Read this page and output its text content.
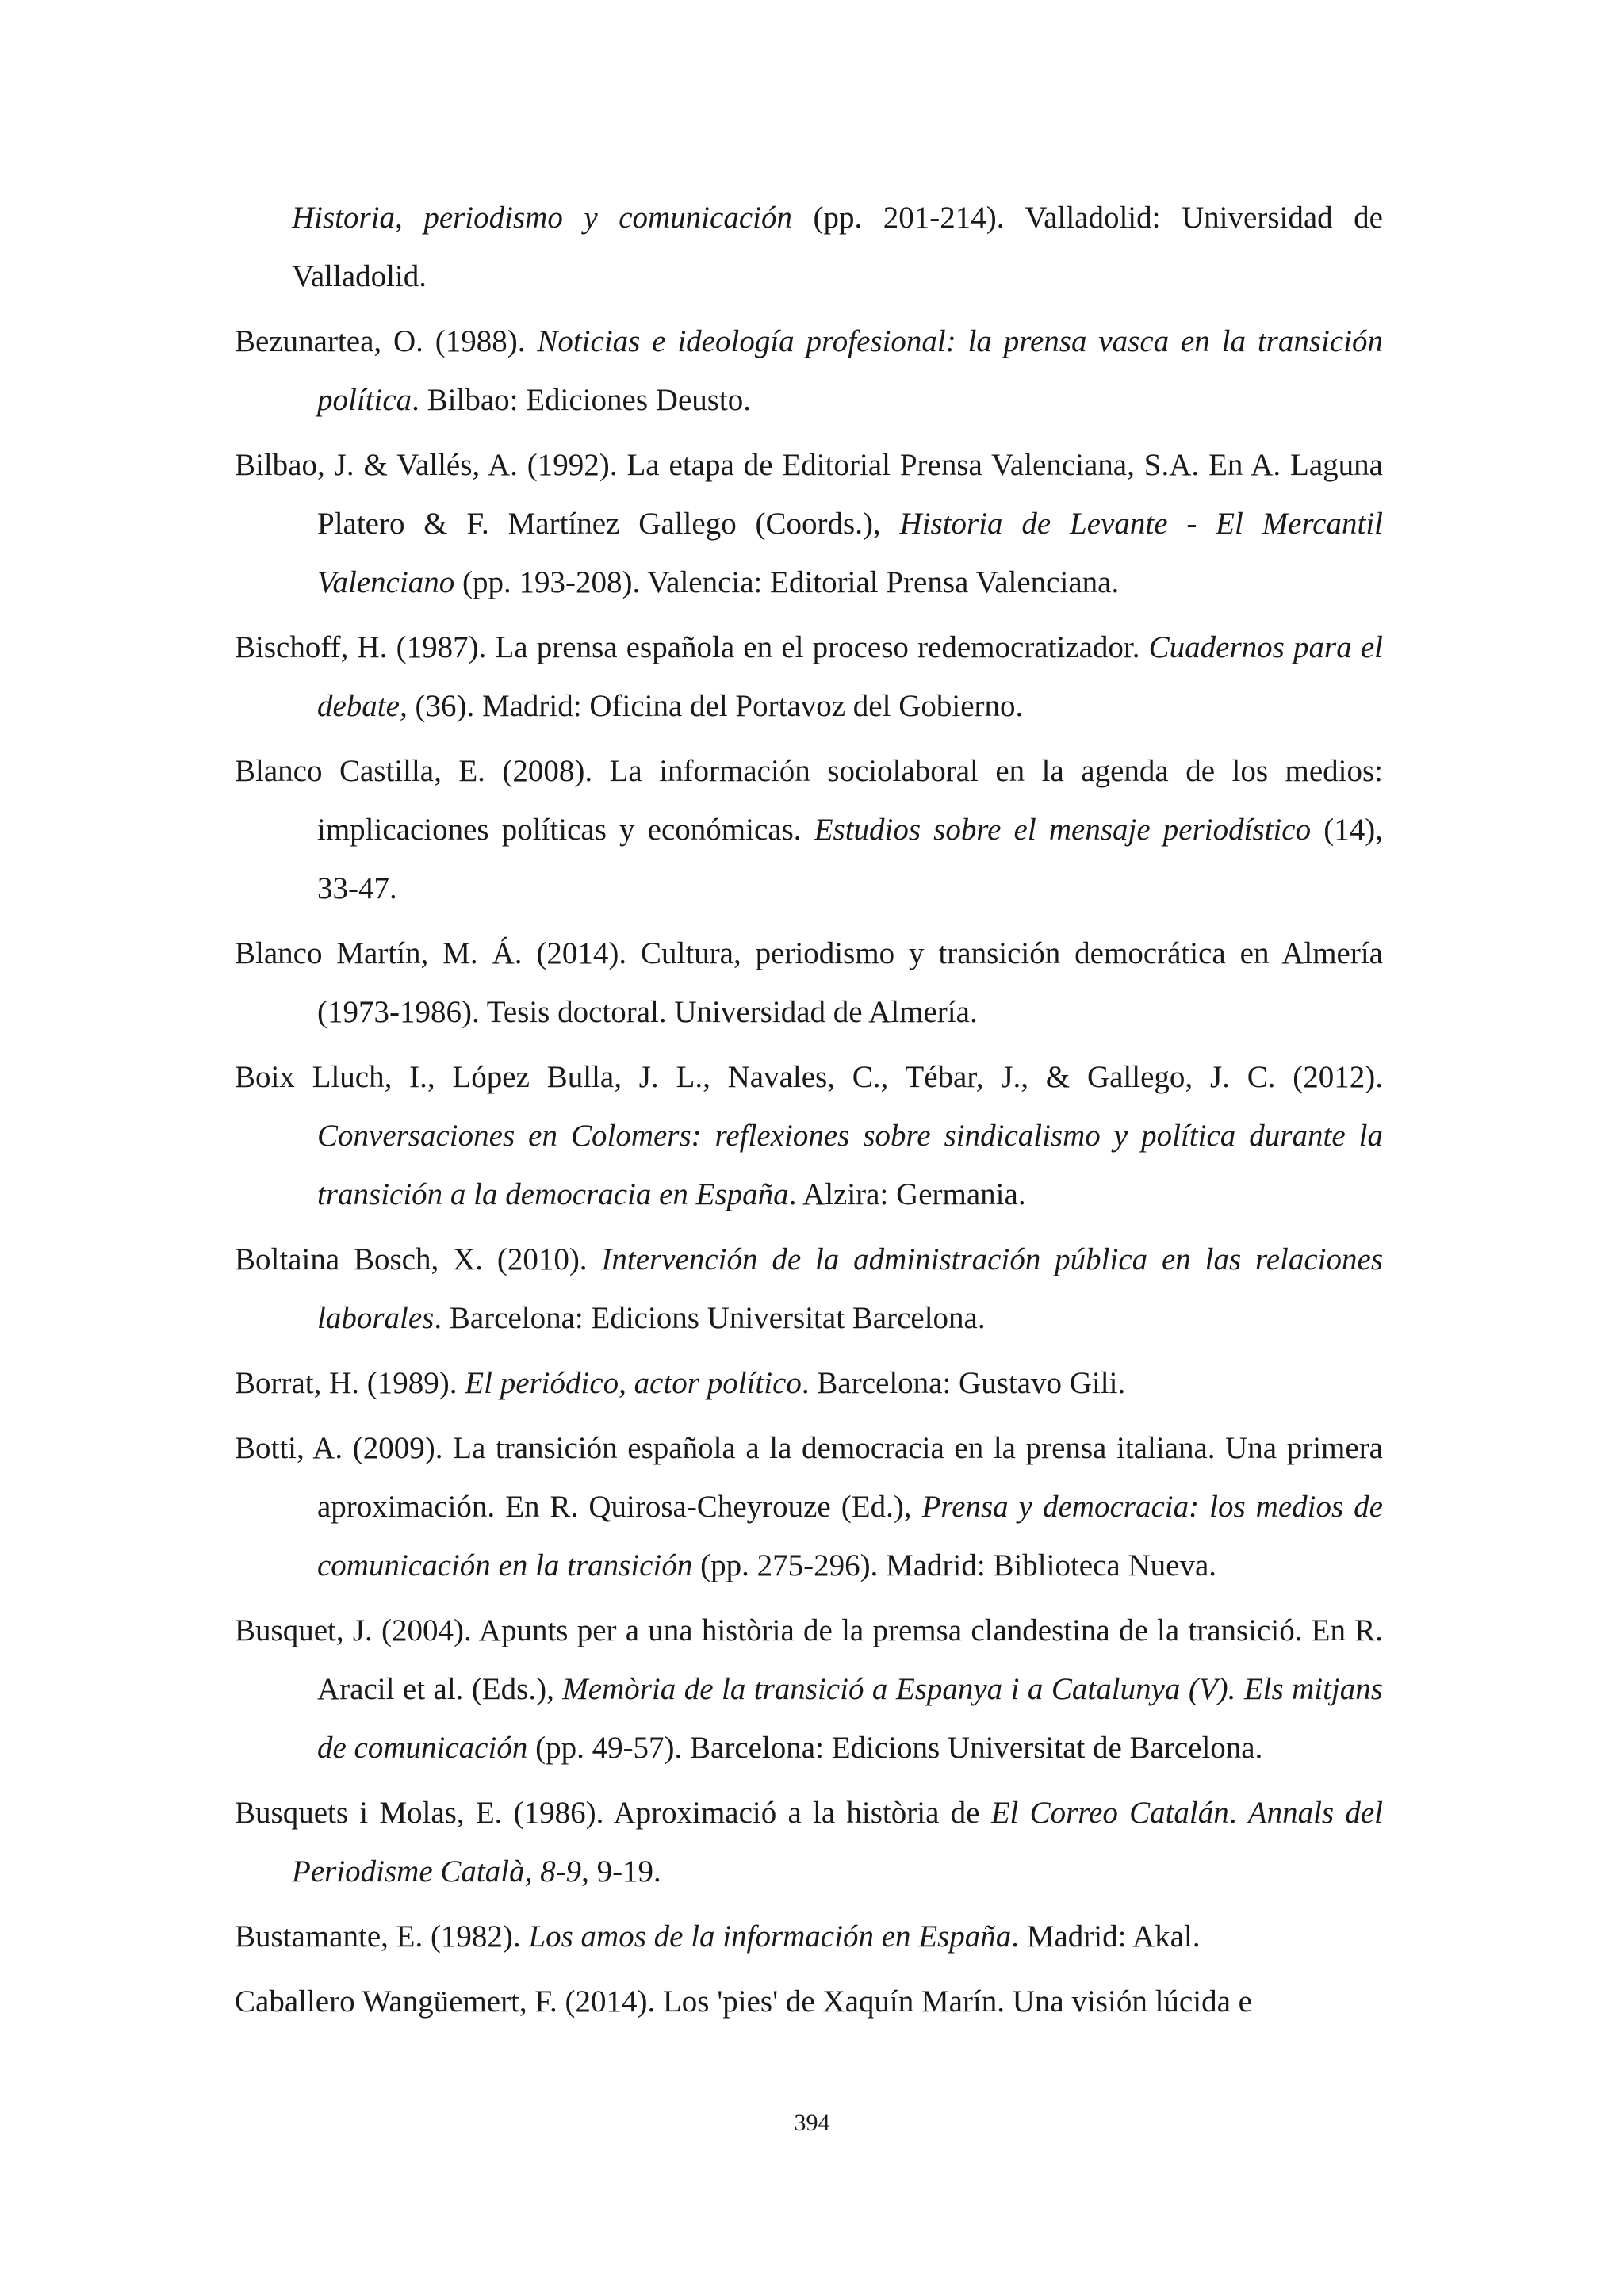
Historia, periodismo y comunicación (pp. 201-214). Valladolid: Universidad de Valladolid.

Bezunartea, O. (1988). Noticias e ideología profesional: la prensa vasca en la transición política. Bilbao: Ediciones Deusto.

Bilbao, J. & Vallés, A. (1992). La etapa de Editorial Prensa Valenciana, S.A. En A. Laguna Platero & F. Martínez Gallego (Coords.), Historia de Levante - El Mercantil Valenciano (pp. 193-208). Valencia: Editorial Prensa Valenciana.

Bischoff, H. (1987). La prensa española en el proceso redemocratizador. Cuadernos para el debate, (36). Madrid: Oficina del Portavoz del Gobierno.

Blanco Castilla, E. (2008). La información sociolaboral en la agenda de los medios: implicaciones políticas y económicas. Estudios sobre el mensaje periodístico (14), 33-47.

Blanco Martín, M. Á. (2014). Cultura, periodismo y transición democrática en Almería (1973-1986). Tesis doctoral. Universidad de Almería.

Boix Lluch, I., López Bulla, J. L., Navales, C., Tébar, J., & Gallego, J. C. (2012). Conversaciones en Colomers: reflexiones sobre sindicalismo y política durante la transición a la democracia en España. Alzira: Germania.

Boltaina Bosch, X. (2010). Intervención de la administración pública en las relaciones laborales. Barcelona: Edicions Universitat Barcelona.

Borrat, H. (1989). El periódico, actor político. Barcelona: Gustavo Gili.

Botti, A. (2009). La transición española a la democracia en la prensa italiana. Una primera aproximación. En R. Quirosa-Cheyrouze (Ed.), Prensa y democracia: los medios de comunicación en la transición (pp. 275-296). Madrid: Biblioteca Nueva.

Busquet, J. (2004). Apunts per a una història de la premsa clandestina de la transició. En R. Aracil et al. (Eds.), Memòria de la transició a Espanya i a Catalunya (V). Els mitjans de comunicación (pp. 49-57). Barcelona: Edicions Universitat de Barcelona.

Busquets i Molas, E. (1986). Aproximació a la història de El Correo Catalán. Annals del Periodisme Català, 8-9, 9-19.

Bustamante, E. (1982). Los amos de la información en España. Madrid: Akal.

Caballero Wangüemert, F. (2014). Los 'pies' de Xaquín Marín. Una visión lúcida e

394
